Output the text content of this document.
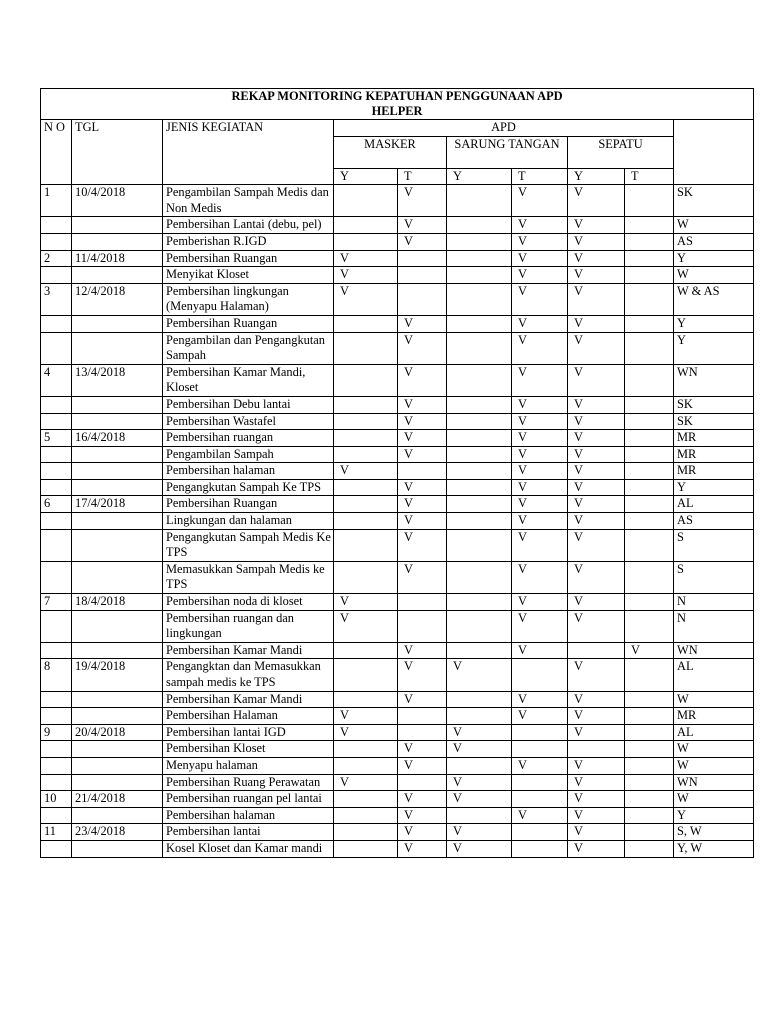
REKAP MONITORING KEPATUHAN PENGGUNAAN APD
HELPER									

N O	TGL	JENIS KEGIATAN	APD						
			MASKER		SARUNG TANGAN		SEPATU		
			Y	T	Y	T	Y	T	
1	10/4/2018	Pengambilan Sampah Medis dan Non Medis		V		V	V		SK
		Pembersihan Lantai (debu, pel)		V		V	V		W
		Pemberishan R.IGD		V		V	V		AS
2	11/4/2018	Pembersihan Ruangan	V			V	V		Y
		Menyikat Kloset	V			V	V		W
3	12/4/2018	Pembersihan lingkungan (Menyapu Halaman)	V			V	V		W & AS
		Pembersihan Ruangan		V		V	V		Y
		Pengambilan dan Pengangkutan Sampah		V		V	V		Y
4	13/4/2018	Pembersihan Kamar Mandi, Kloset		V		V	V		WN
		Pembersihan Debu lantai		V		V	V		SK
		Pembersihan Wastafel		V		V	V		SK
5	16/4/2018	Pembersihan ruangan		V		V	V		MR
		Pengambilan Sampah		V		V	V		MR
		Pembersihan halaman	V			V	V		MR
		Pengangkutan Sampah Ke TPS		V		V	V		Y
6	17/4/2018	Pembersihan Ruangan		V		V	V		AL
		Lingkungan dan halaman		V		V	V		AS
		Pengangkutan Sampah Medis Ke TPS		V		V	V		S
		Memasukkan Sampah Medis ke TPS		V		V	V		S
7	18/4/2018	Pembersihan noda di kloset	V			V	V		N
		Pembersihan ruangan dan lingkungan	V			V	V		N
		Pembersihan Kamar Mandi		V		V		V	WN
8	19/4/2018	Pengangktan dan Memasukkan sampah medis ke TPS		V	V		V		AL
		Pembersihan Kamar Mandi		V		V	V		W
		Pembersihan Halaman	V			V	V		MR
9	20/4/2018	Pembersihan lantai IGD	V		V		V		AL
		Pembersihan Kloset		V	V				W
		Menyapu halaman		V		V	V		W
		Pembersihan Ruang Perawatan	V		V		V		WN
10	21/4/2018	Pembersihan ruangan pel lantai		V	V		V		W
		Pembersihan halaman		V		V	V		Y
11	23/4/2018	Pembersihan lantai		V	V		V		S, W
		Kosel Kloset dan Kamar mandi		V	V		V		Y, W
